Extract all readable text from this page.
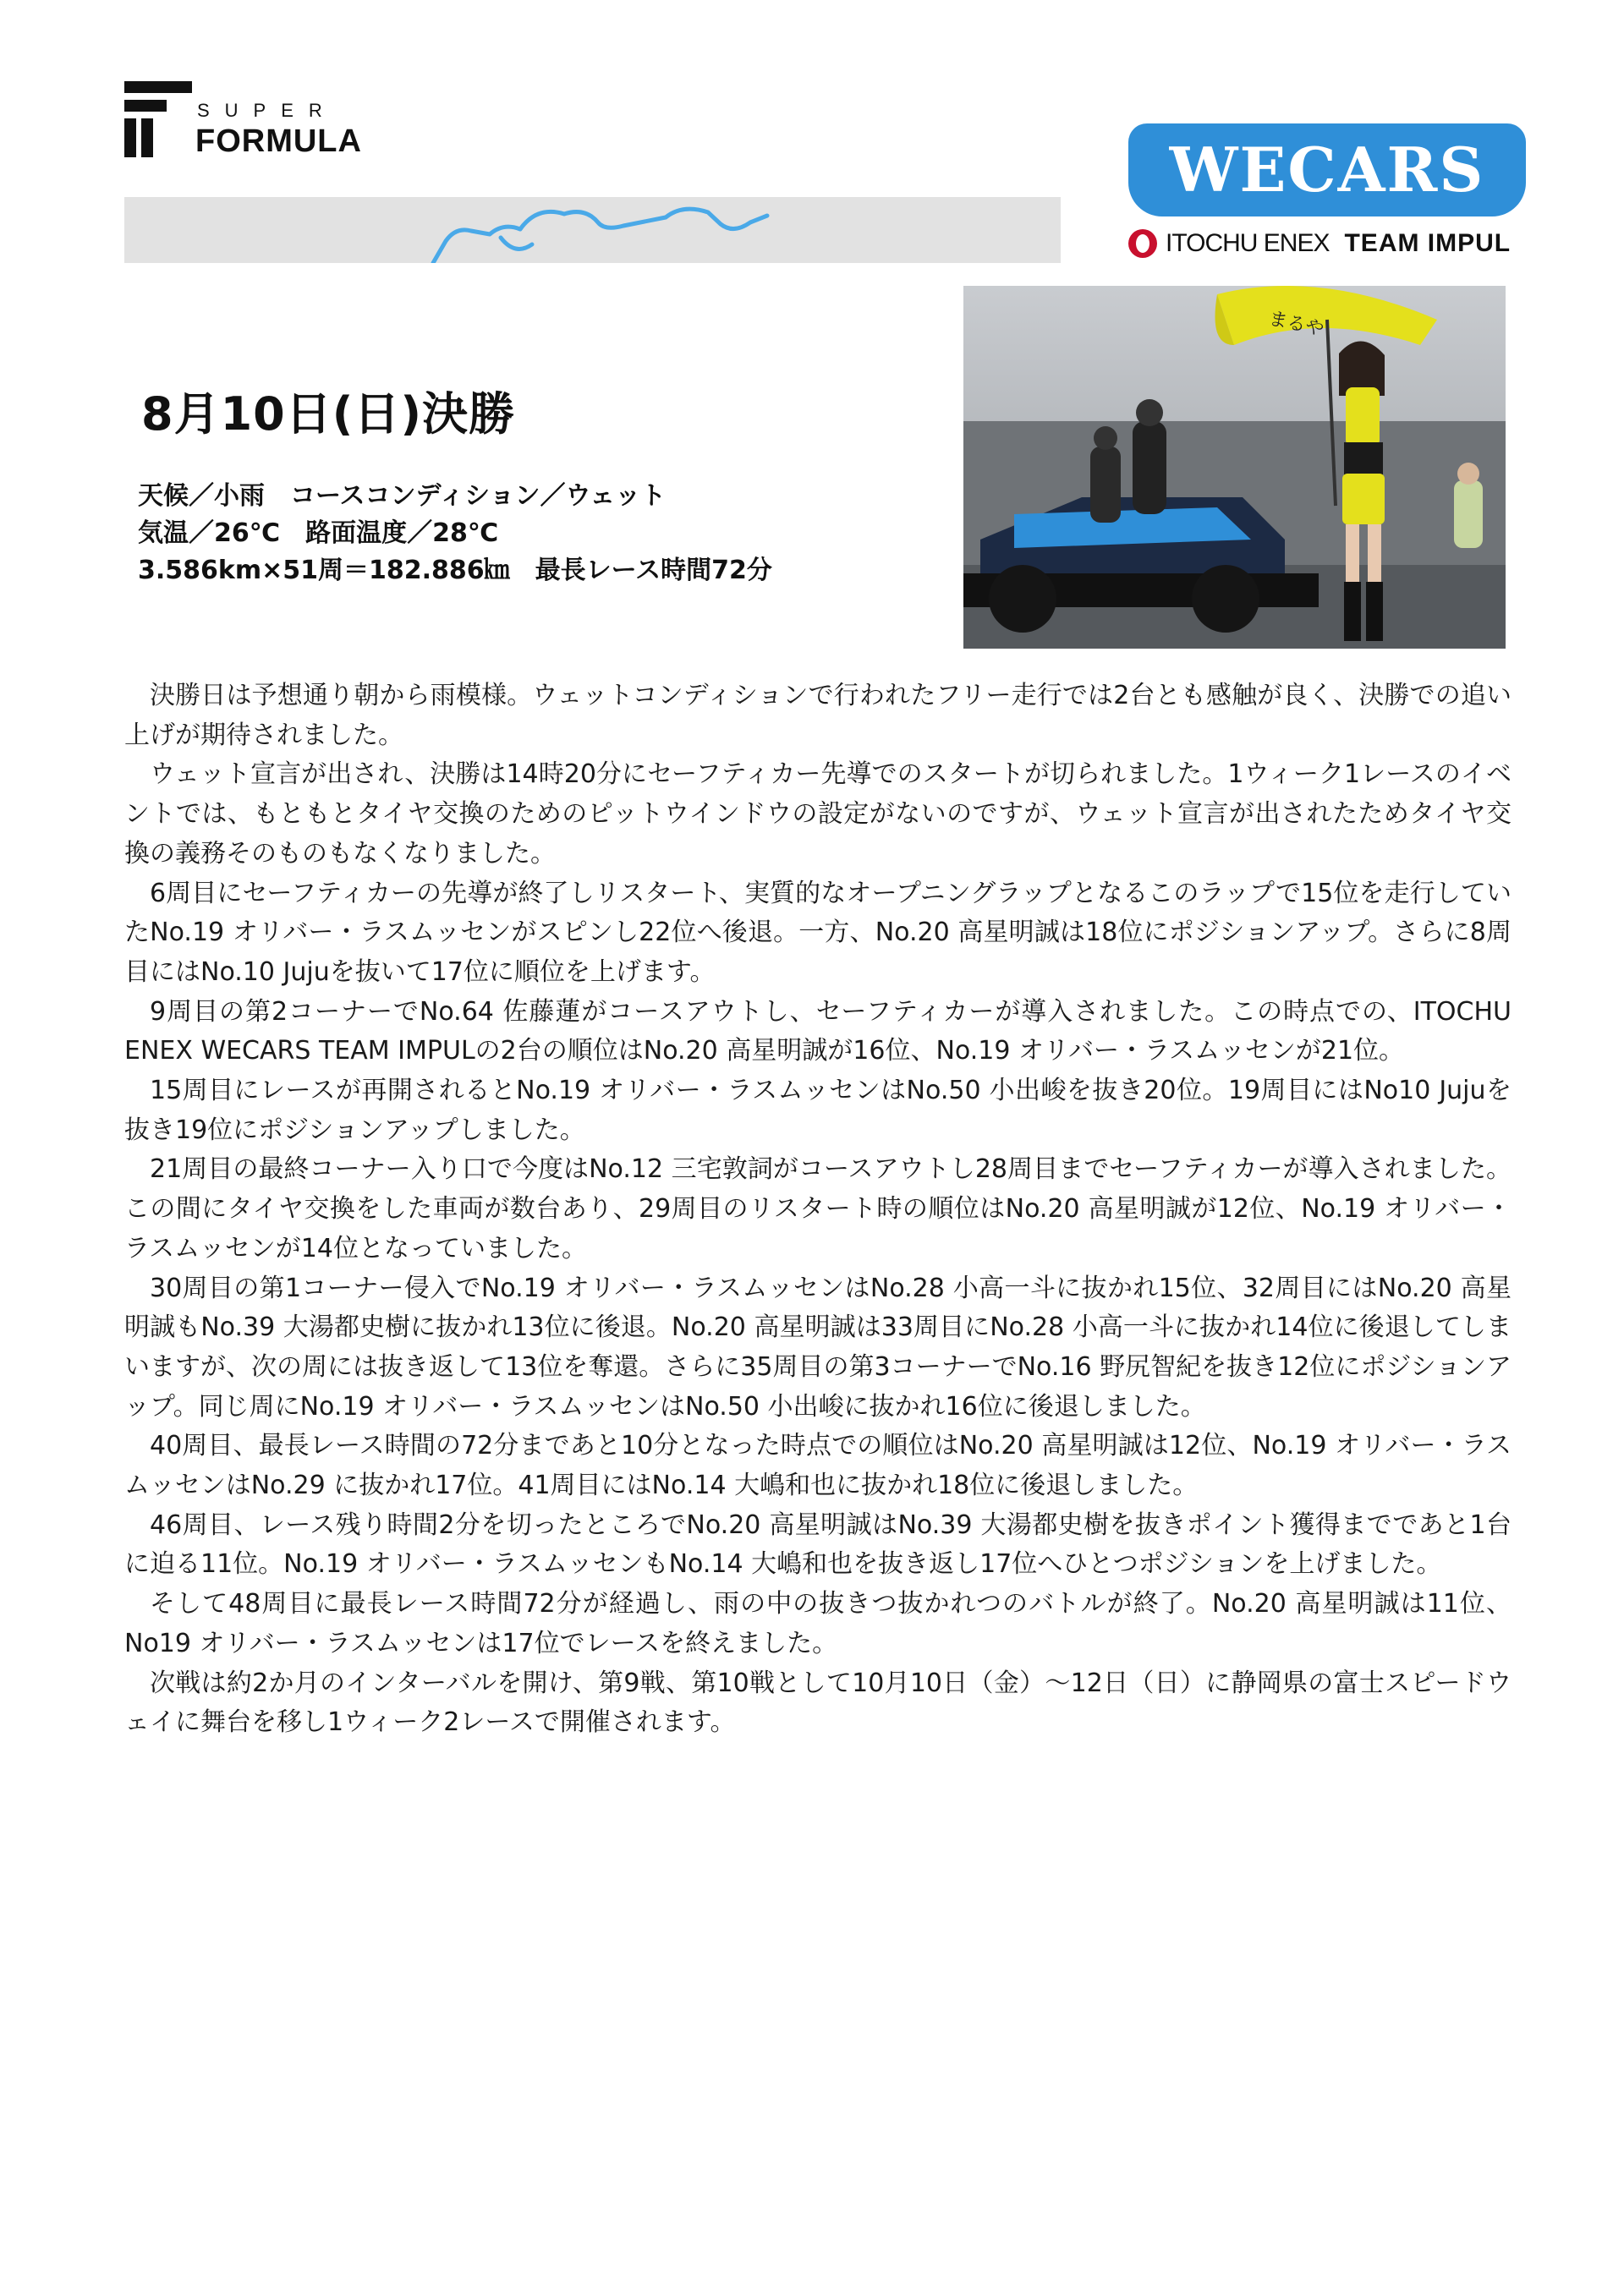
SUPER
FORMULA	WECARS
ITOCHU ENEX TEAM IMPUL
まるや
8月10日(日)決勝
天候／小雨　コースコンディション／ウェット
気温／26℃　路面温度／28℃
3.586km×51周＝182.886㎞　最長レース時間72分

決勝日は予想通り朝から雨模様。ウェットコンディションで行われたフリー走行では2台とも感触が良く、決勝での追い上げが期待されました。

ウェット宣言が出され、決勝は14時20分にセーフティカー先導でのスタートが切られました。1ウィーク1レースのイベントでは、もともとタイヤ交換のためのピットウインドウの設定がないのですが、ウェット宣言が出されたためタイヤ交換の義務そのものもなくなりました。

6周目にセーフティカーの先導が終了しリスタート、実質的なオープニングラップとなるこのラップで15位を走行していたNo.19 オリバー・ラスムッセンがスピンし22位へ後退。一方、No.20 高星明誠は18位にポジションアップ。さらに8周目にはNo.10 Jujuを抜いて17位に順位を上げます。

9周目の第2コーナーでNo.64 佐藤蓮がコースアウトし、セーフティカーが導入されました。この時点での、ITOCHU ENEX WECARS TEAM IMPULの2台の順位はNo.20 高星明誠が16位、No.19 オリバー・ラスムッセンが21位。

15周目にレースが再開されるとNo.19 オリバー・ラスムッセンはNo.50 小出峻を抜き20位。19周目にはNo10 Jujuを抜き19位にポジションアップしました。

21周目の最終コーナー入り口で今度はNo.12 三宅敦詞がコースアウトし28周目までセーフティカーが導入されました。この間にタイヤ交換をした車両が数台あり、29周目のリスタート時の順位はNo.20 高星明誠が12位、No.19 オリバー・ラスムッセンが14位となっていました。

30周目の第1コーナー侵入でNo.19 オリバー・ラスムッセンはNo.28 小高一斗に抜かれ15位、32周目にはNo.20 高星明誠もNo.39 大湯都史樹に抜かれ13位に後退。No.20 高星明誠は33周目にNo.28 小高一斗に抜かれ14位に後退してしまいますが、次の周には抜き返して13位を奪還。さらに35周目の第3コーナーでNo.16 野尻智紀を抜き12位にポジションアップ。同じ周にNo.19 オリバー・ラスムッセンはNo.50 小出峻に抜かれ16位に後退しました。

40周目、最長レース時間の72分まであと10分となった時点での順位はNo.20 高星明誠は12位、No.19 オリバー・ラスムッセンはNo.29 に抜かれ17位。41周目にはNo.14 大嶋和也に抜かれ18位に後退しました。

46周目、レース残り時間2分を切ったところでNo.20 高星明誠はNo.39 大湯都史樹を抜きポイント獲得までであと1台に迫る11位。No.19 オリバー・ラスムッセンもNo.14 大嶋和也を抜き返し17位へひとつポジションを上げました。

そして48周目に最長レース時間72分が経過し、雨の中の抜きつ抜かれつのバトルが終了。No.20 高星明誠は11位、No19 オリバー・ラスムッセンは17位でレースを終えました。

次戦は約2か月のインターバルを開け、第9戦、第10戦として10月10日（金）～12日（日）に静岡県の富士スピードウェイに舞台を移し1ウィーク2レースで開催されます。
